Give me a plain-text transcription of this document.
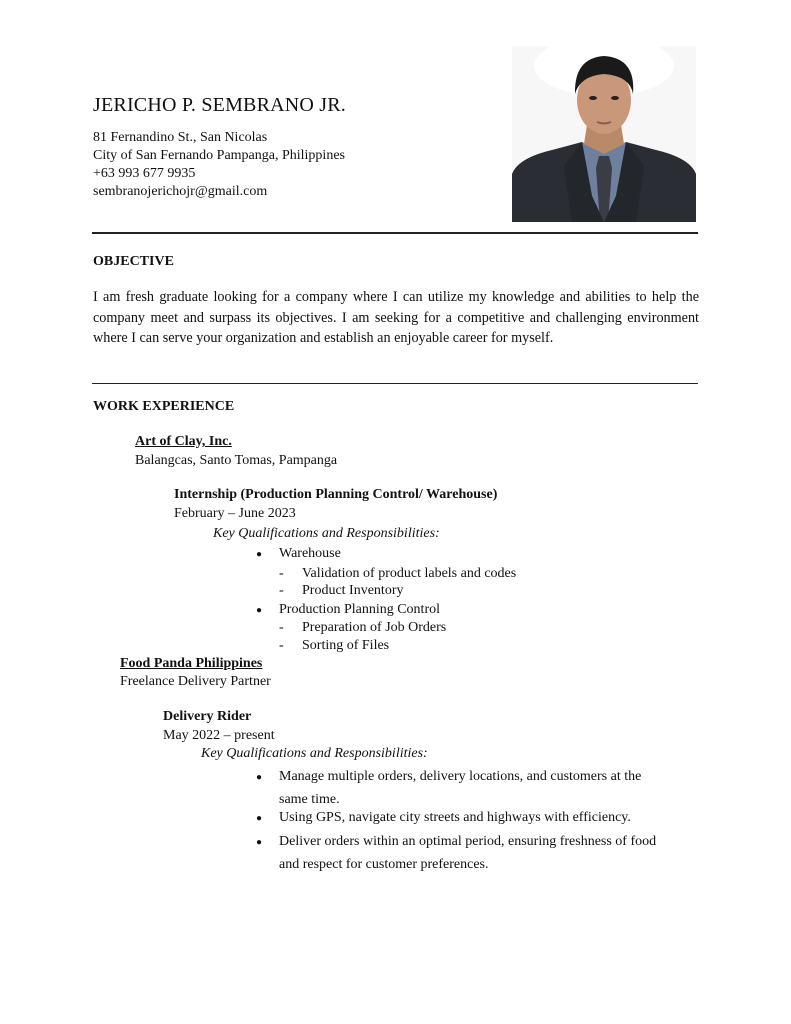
JERICHO P. SEMBRANO JR.
81 Fernandino St., San Nicolas
City of San Fernando Pampanga, Philippines
+63 993 677 9935
sembranojerichojr@gmail.com
OBJECTIVE
I am fresh graduate looking for a company where I can utilize my knowledge and abilities to help the company meet and surpass its objectives. I am seeking for a competitive and challenging environment where I can serve your organization and establish an enjoyable career for myself.
WORK EXPERIENCE
Art of Clay, Inc.
Balangcas, Santo Tomas, Pampanga
Internship (Production Planning Control/ Warehouse)
February – June 2023
Key Qualifications and Responsibilities:
● Warehouse
- Validation of product labels and codes
- Product Inventory
● Production Planning Control
- Preparation of Job Orders
- Sorting of Files
Food Panda Philippines
Freelance Delivery Partner
Delivery Rider
May 2022 – present
Key Qualifications and Responsibilities:
● Manage multiple orders, delivery locations, and customers at the
same time.
● Using GPS, navigate city streets and highways with efficiency.
● Deliver orders within an optimal period, ensuring freshness of food
and respect for customer preferences.
